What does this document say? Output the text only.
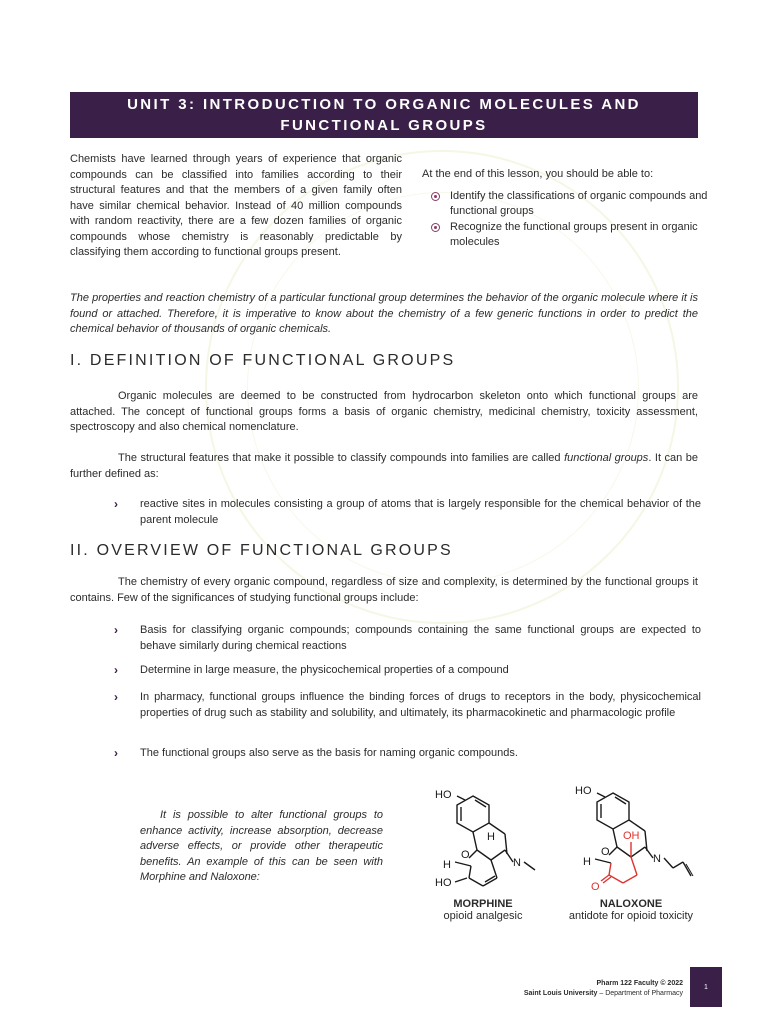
UNIT 3: INTRODUCTION TO ORGANIC MOLECULES AND FUNCTIONAL GROUPS
Chemists have learned through years of experience that organic compounds can be classified into families according to their structural features and that the members of a given family often have similar chemical behavior. Instead of 40 million compounds with random reactivity, there are a few dozen families of organic compounds whose chemistry is reasonably predictable by classifying them according to functional groups present.
At the end of this lesson, you should be able to:
Identify the classifications of organic compounds and functional groups
Recognize the functional groups present in organic molecules

The properties and reaction chemistry of a particular functional group determines the behavior of the organic molecule where it is found or attached. Therefore, it is imperative to know about the chemistry of a few generic functions in order to predict the chemical behavior of thousands of organic chemicals.

I. DEFINITION OF FUNCTIONAL GROUPS

Organic molecules are deemed to be constructed from hydrocarbon skeleton onto which functional groups are attached. The concept of functional groups forms a basis of organic chemistry, medicinal chemistry, toxicity assessment, spectroscopy and also chemical nomenclature.

The structural features that make it possible to classify compounds into families are called functional groups. It can be further defined as:

› reactive sites in molecules consisting a group of atoms that is largely responsible for the chemical behavior of the parent molecule
II. OVERVIEW OF FUNCTIONAL GROUPS

The chemistry of every organic compound, regardless of size and complexity, is determined by the functional groups it contains. Few of the significances of studying functional groups include:

› Basis for classifying organic compounds; compounds containing the same functional groups are expected to behave similarly during chemical reactions
› Determine in large measure, the physicochemical properties of a compound
› In pharmacy, functional groups influence the binding forces of drugs to receptors in the body, physicochemical properties of drug such as stability and solubility, and ultimately, its pharmacokinetic and pharmacologic profile
› The functional groups also serve as the basis for naming organic compounds.
It is possible to alter functional groups to enhance activity, increase absorption, decrease adverse effects, or provide other therapeutic benefits. An example of this can be seen with Morphine and Naloxone:
HO
O
H
H	N
HO
HO
O
OH
H	N
O
MORPHINE
opioid analgesic
NALOXONE
antidote for opioid toxicity
Pharm 122 Faculty © 2022
Saint Louis University – Department of Pharmacy
1
